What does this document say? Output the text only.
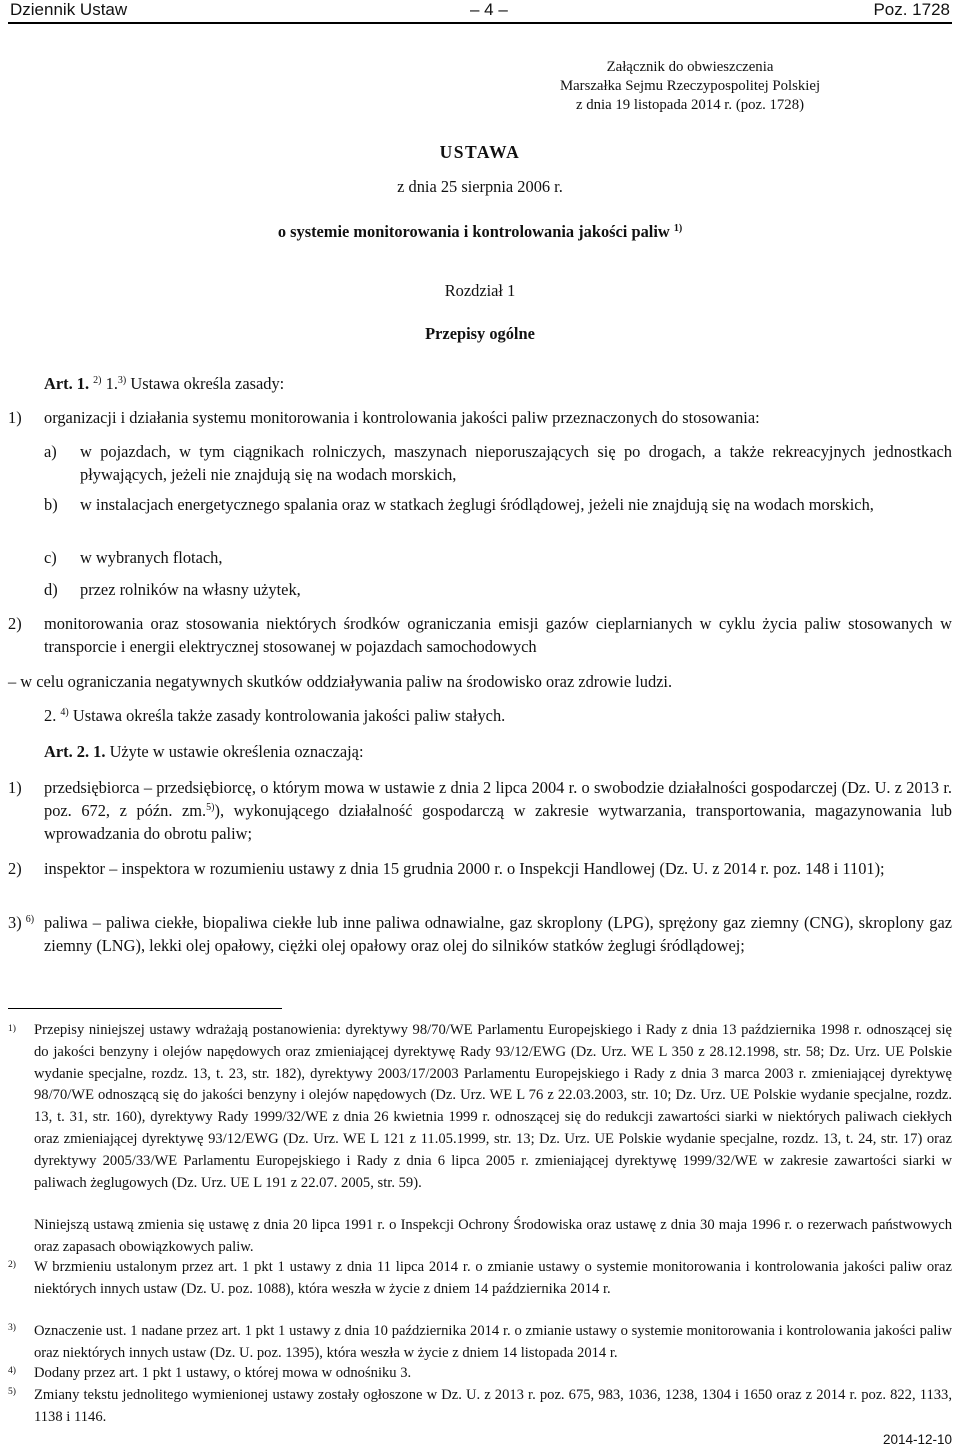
Dziennik Ustaw	– 4 –	Poz. 1728
Załącznik do obwieszczenia
Marszałka Sejmu Rzeczypospolitej Polskiej
z dnia 19 listopada 2014 r. (poz. 1728)
USTAWA
z dnia 25 sierpnia 2006 r.
o systemie monitorowania i kontrolowania jakości paliw $^{1)}$
Rozdział 1
Przepisy ogólne
Art. 1. $^{2)}$ 1.$^{3)}$ Ustawa określa zasady:
1) organizacji i działania systemu monitorowania i kontrolowania jakości paliw przeznaczonych do stosowania:
a) w pojazdach, w tym ciągnikach rolniczych, maszynach nieporuszających się po drogach, a także rekreacyjnych jednostkach pływających, jeżeli nie znajdują się na wodach morskich,
b) w instalacjach energetycznego spalania oraz w statkach żeglugi śródlądowej, jeżeli nie znajdują się na wodach morskich,
c) w wybranych flotach,
d) przez rolników na własny użytek,
2) monitorowania oraz stosowania niektórych środków ograniczania emisji gazów cieplarnianych w cyklu życia paliw stosowanych w transporcie i energii elektrycznej stosowanej w pojazdach samochodowych
– w celu ograniczania negatywnych skutków oddziaływania paliw na środowisko oraz zdrowie ludzi.
2. $^{4)}$ Ustawa określa także zasady kontrolowania jakości paliw stałych.
Art. 2. 1. Użyte w ustawie określenia oznaczają:
1) przedsiębiorca – przedsiębiorcę, o którym mowa w ustawie z dnia 2 lipca 2004 r. o swobodzie działalności gospodarczej (Dz. U. z 2013 r. poz. 672, z późn. zm.$^{5)}$), wykonującego działalność gospodarczą w zakresie wytwarzania, transportowania, magazynowania lub wprowadzania do obrotu paliw;
2) inspektor – inspektora w rozumieniu ustawy z dnia 15 grudnia 2000 r. o Inspekcji Handlowej (Dz. U. z 2014 r. poz. 148 i 1101);
3) $^{6)}$ paliwa – paliwa ciekłe, biopaliwa ciekłe lub inne paliwa odnawialne, gaz skroplony (LPG), sprężony gaz ziemny (CNG), skroplony gaz ziemny (LNG), lekki olej opałowy, ciężki olej opałowy oraz olej do silników statków żeglugi śródlądowej;
1) Przepisy niniejszej ustawy wdrażają postanowienia: dyrektywy 98/70/WE Parlamentu Europejskiego i Rady z dnia 13 października 1998 r. odnoszącej się do jakości benzyny i olejów napędowych oraz zmieniającej dyrektywę Rady 93/12/EWG (Dz. Urz. WE L 350 z 28.12.1998, str. 58; Dz. Urz. UE Polskie wydanie specjalne, rozdz. 13, t. 23, str. 182), dyrektywy 2003/17/2003 Parlamentu Europejskiego i Rady z dnia 3 marca 2003 r. zmieniającej dyrektywę 98/70/WE odnoszącą się do jakości benzyny i olejów napędowych (Dz. Urz. WE L 76 z 22.03.2003, str. 10; Dz. Urz. UE Polskie wydanie specjalne, rozdz. 13, t. 31, str. 160), dyrektywy Rady 1999/32/WE z dnia 26 kwietnia 1999 r. odnoszącej się do redukcji zawartości siarki w niektórych paliwach ciekłych oraz zmieniającej dyrektywę 93/12/EWG (Dz. Urz. WE L 121 z 11.05.1999, str. 13; Dz. Urz. UE Polskie wydanie specjalne, rozdz. 13, t. 24, str. 17) oraz dyrektywy 2005/33/WE Parlamentu Europejskiego i Rady z dnia 6 lipca 2005 r. zmieniającej dyrektywę 1999/32/WE w zakresie zawartości siarki w paliwach żeglugowych (Dz. Urz. UE L 191 z 22.07. 2005, str. 59).
Niniejszą ustawą zmienia się ustawę z dnia 20 lipca 1991 r. o Inspekcji Ochrony Środowiska oraz ustawę z dnia 30 maja 1996 r. o rezerwach państwowych oraz zapasach obowiązkowych paliw.
2) W brzmieniu ustalonym przez art. 1 pkt 1 ustawy z dnia 11 lipca 2014 r. o zmianie ustawy o systemie monitorowania i kontrolowania jakości paliw oraz niektórych innych ustaw (Dz. U. poz. 1088), która weszła w życie z dniem 14 października 2014 r.
3) Oznaczenie ust. 1 nadane przez art. 1 pkt 1 ustawy z dnia 10 października 2014 r. o zmianie ustawy o systemie monitorowania i kontrolowania jakości paliw oraz niektórych innych ustaw (Dz. U. poz. 1395), która weszła w życie z dniem 14 listopada 2014 r.
4) Dodany przez art. 1 pkt 1 ustawy, o której mowa w odnośniku 3.
5) Zmiany tekstu jednolitego wymienionej ustawy zostały ogłoszone w Dz. U. z 2013 r. poz. 675, 983, 1036, 1238, 1304 i 1650 oraz z 2014 r. poz. 822, 1133, 1138 i 1146.
2014-12-10
